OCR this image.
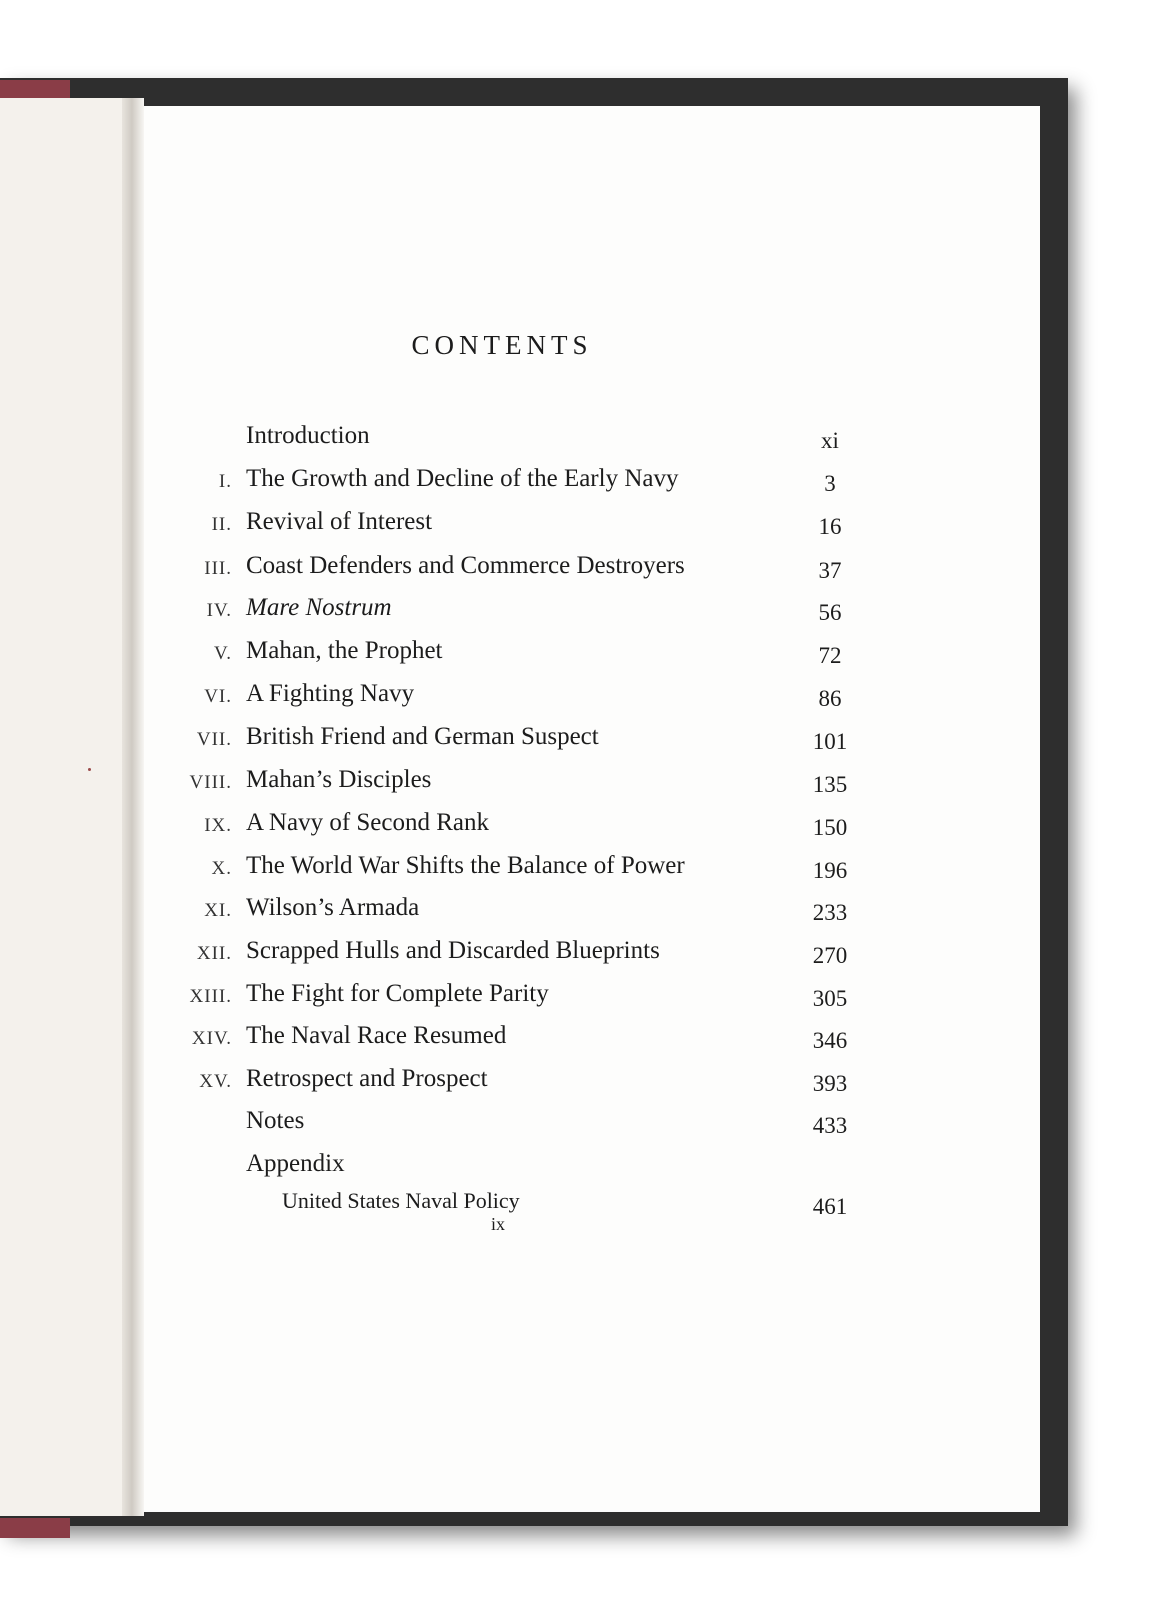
CONTENTS
Introduction	xi
I. The Growth and Decline of the Early Navy	3
II. Revival of Interest	16
III. Coast Defenders and Commerce Destroyers	37
IV. Mare Nostrum	56
V. Mahan, the Prophet	72
VI. A Fighting Navy	86
VII. British Friend and German Suspect	101
VIII. Mahan’s Disciples	135
IX. A Navy of Second Rank	150
X. The World War Shifts the Balance of Power	196
XI. Wilson’s Armada	233
XII. Scrapped Hulls and Discarded Blueprints	270
XIII. The Fight for Complete Parity	305
XIV. The Naval Race Resumed	346
XV. Retrospect and Prospect	393
Notes	433
Appendix
United States Naval Policy	461
ix
